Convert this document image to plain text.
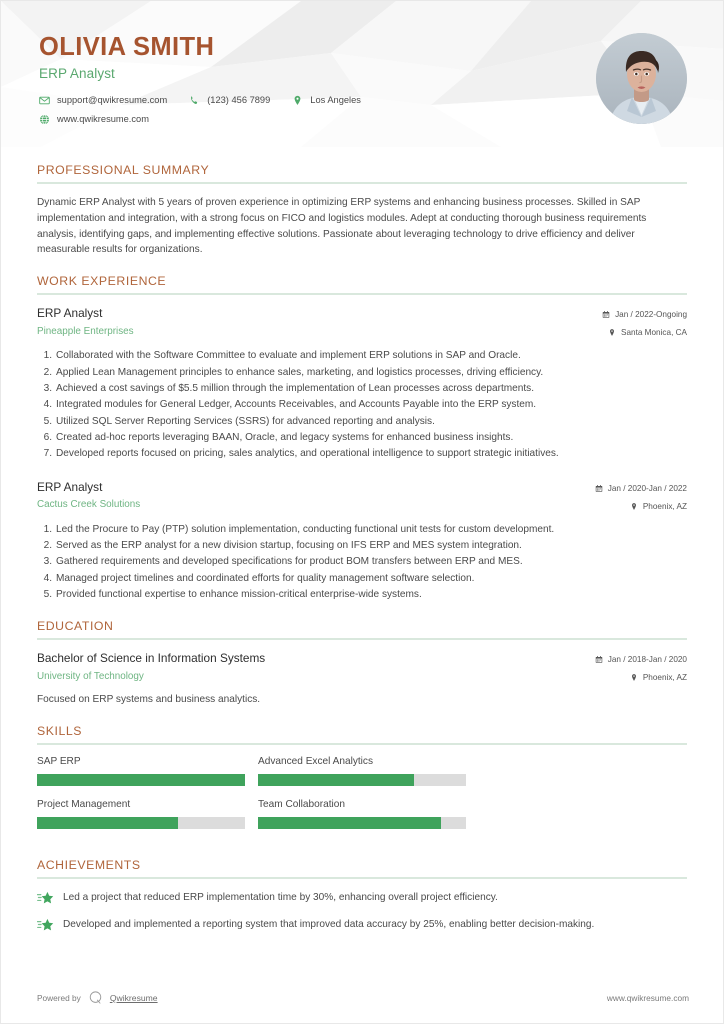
OLIVIA SMITH
ERP Analyst
support@qwikresume.com	(123) 456 7899	Los Angeles
www.qwikresume.com
PROFESSIONAL SUMMARY
Dynamic ERP Analyst with 5 years of proven experience in optimizing ERP systems and enhancing business processes. Skilled in SAP implementation and integration, with a strong focus on FICO and logistics modules. Adept at conducting thorough business requirements analysis, identifying gaps, and implementing effective solutions. Passionate about leveraging technology to drive efficiency and deliver measurable results for organizations.
WORK EXPERIENCE
ERP Analyst
Pineapple Enterprises
Jan / 2022-Ongoing
Santa Monica, CA
1. Collaborated with the Software Committee to evaluate and implement ERP solutions in SAP and Oracle.
2. Applied Lean Management principles to enhance sales, marketing, and logistics processes, driving efficiency.
3. Achieved a cost savings of $5.5 million through the implementation of Lean processes across departments.
4. Integrated modules for General Ledger, Accounts Receivables, and Accounts Payable into the ERP system.
5. Utilized SQL Server Reporting Services (SSRS) for advanced reporting and analysis.
6. Created ad-hoc reports leveraging BAAN, Oracle, and legacy systems for enhanced business insights.
7. Developed reports focused on pricing, sales analytics, and operational intelligence to support strategic initiatives.
ERP Analyst
Cactus Creek Solutions
Jan / 2020-Jan / 2022
Phoenix, AZ
1. Led the Procure to Pay (PTP) solution implementation, conducting functional unit tests for custom development.
2. Served as the ERP analyst for a new division startup, focusing on IFS ERP and MES system integration.
3. Gathered requirements and developed specifications for product BOM transfers between ERP and MES.
4. Managed project timelines and coordinated efforts for quality management software selection.
5. Provided functional expertise to enhance mission-critical enterprise-wide systems.
EDUCATION
Bachelor of Science in Information Systems
University of Technology
Jan / 2018-Jan / 2020
Phoenix, AZ
Focused on ERP systems and business analytics.
SKILLS
SAP ERP	Advanced Excel Analytics
Project Management	Team Collaboration
ACHIEVEMENTS
Led a project that reduced ERP implementation time by 30%, enhancing overall project efficiency.
Developed and implemented a reporting system that improved data accuracy by 25%, enabling better decision-making.
Powered by	Qwikresume	www.qwikresume.com
